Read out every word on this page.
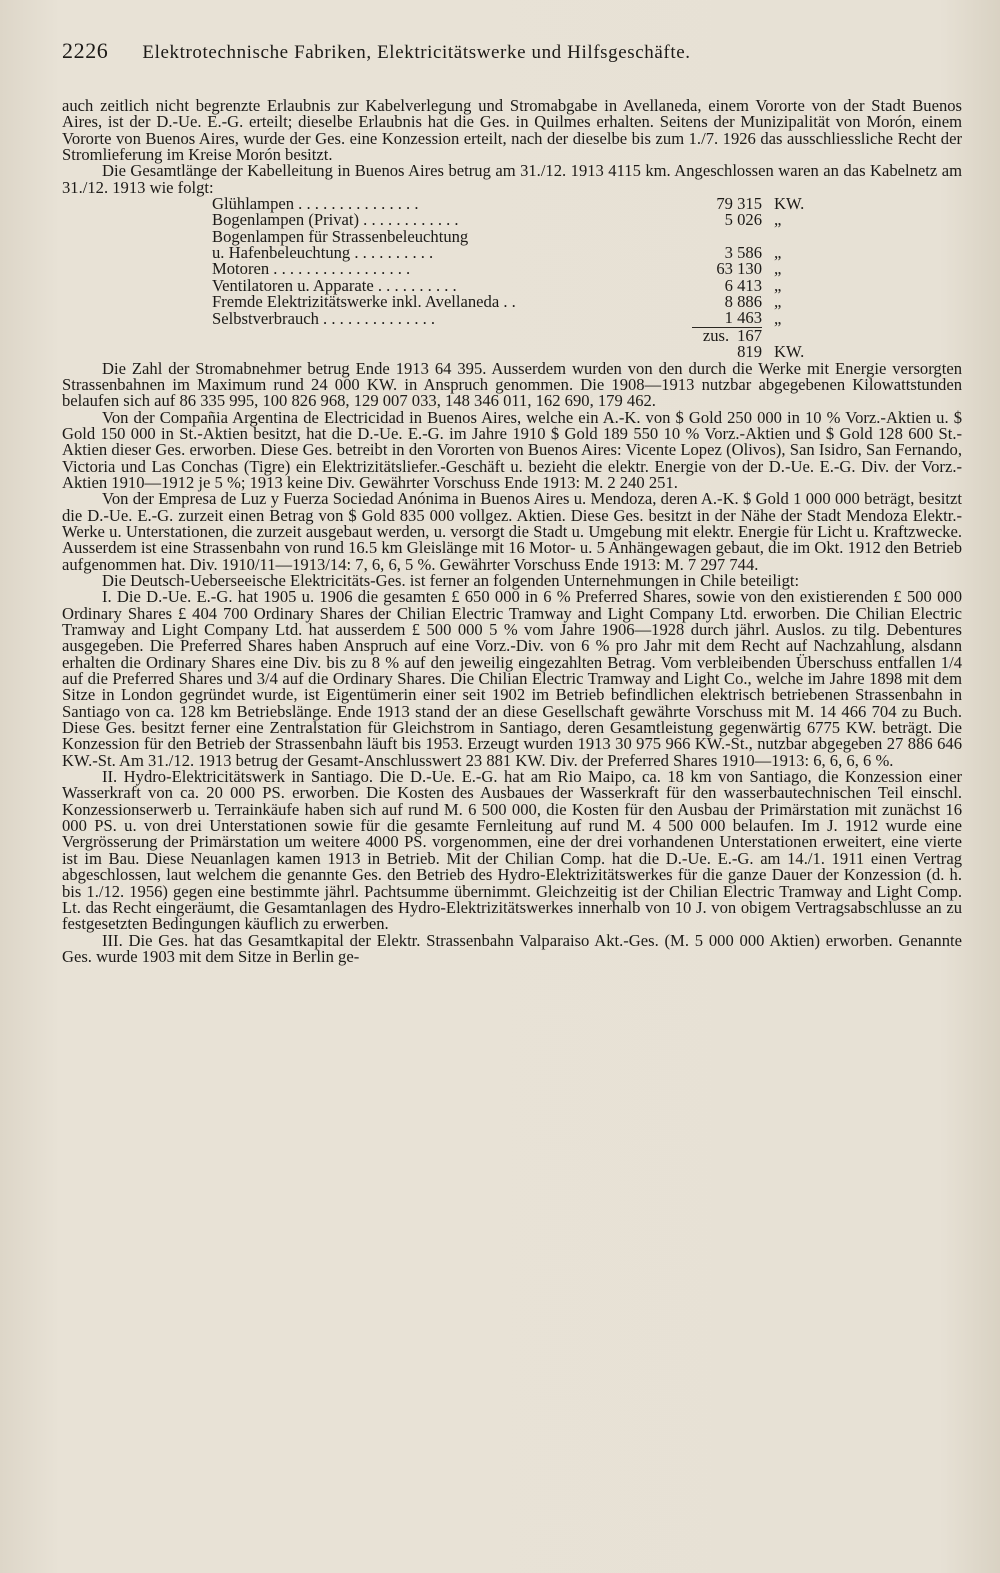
2226 Elektrotechnische Fabriken, Elektricitätswerke und Hilfsgeschäfte.

auch zeitlich nicht begrenzte Erlaubnis zur Kabelverlegung und Stromabgabe in Avellaneda, einem Vororte von der Stadt Buenos Aires, ist der D.-Ue. E.-G. erteilt; dieselbe Erlaubnis hat die Ges. in Quilmes erhalten. Seitens der Munizipalität von Morón, einem Vororte von Buenos Aires, wurde der Ges. eine Konzession erteilt, nach der dieselbe bis zum 1./7. 1926 das ausschliessliche Recht der Stromlieferung im Kreise Morón besitzt.

Die Gesamtlänge der Kabelleitung in Buenos Aires betrug am 31./12. 1913 4115 km. Angeschlossen waren an das Kabelnetz am 31./12. 1913 wie folgt:

Glühlampen . . . . . . . . . . . . . . .	79 315	KW.
Bogenlampen (Privat) . . . . . . . . . . . .	5 026	„
Bogenlampen für Strassenbeleuchtung		
u. Hafenbeleuchtung . . . . . . . . . .	3 586	„
Motoren . . . . . . . . . . . . . . . . .	63 130	„
Ventilatoren u. Apparate . . . . . . . . . .	6 413	„
Fremde Elektrizitätswerke inkl. Avellaneda . .	8 886	„
Selbstverbrauch . . . . . . . . . . . . . .	1 463	„
	zus. 167 819	KW.

Die Zahl der Stromabnehmer betrug Ende 1913 64 395. Ausserdem wurden von den durch die Werke mit Energie versorgten Strassenbahnen im Maximum rund 24 000 KW. in Anspruch genommen. Die 1908—1913 nutzbar abgegebenen Kilowattstunden belaufen sich auf 86 335 995, 100 826 968, 129 007 033, 148 346 011, 162 690, 179 462.

Von der Compañia Argentina de Electricidad in Buenos Aires, welche ein A.-K. von $ Gold 250 000 in 10 % Vorz.-Aktien u. $ Gold 150 000 in St.-Aktien besitzt, hat die D.-Ue. E.-G. im Jahre 1910 $ Gold 189 550 10 % Vorz.-Aktien und $ Gold 128 600 St.-Aktien dieser Ges. erworben. Diese Ges. betreibt in den Vororten von Buenos Aires: Vicente Lopez (Olivos), San Isidro, San Fernando, Victoria und Las Conchas (Tigre) ein Elektrizitätsliefer.-Geschäft u. bezieht die elektr. Energie von der D.-Ue. E.-G. Div. der Vorz.-Aktien 1910—1912 je 5 %; 1913 keine Div. Gewährter Vorschuss Ende 1913: M. 2 240 251.

Von der Empresa de Luz y Fuerza Sociedad Anónima in Buenos Aires u. Mendoza, deren A.-K. $ Gold 1 000 000 beträgt, besitzt die D.-Ue. E.-G. zurzeit einen Betrag von $ Gold 835 000 vollgez. Aktien. Diese Ges. besitzt in der Nähe der Stadt Mendoza Elektr.-Werke u. Unterstationen, die zurzeit ausgebaut werden, u. versorgt die Stadt u. Umgebung mit elektr. Energie für Licht u. Kraftzwecke. Ausserdem ist eine Strassenbahn von rund 16.5 km Gleislänge mit 16 Motor- u. 5 Anhängewagen gebaut, die im Okt. 1912 den Betrieb aufgenommen hat. Div. 1910/11—1913/14: 7, 6, 6, 5 %. Gewährter Vorschuss Ende 1913: M. 7 297 744.

Die Deutsch-Ueberseeische Elektricitäts-Ges. ist ferner an folgenden Unternehmungen in Chile beteiligt:

I. Die D.-Ue. E.-G. hat 1905 u. 1906 die gesamten £ 650 000 in 6 % Preferred Shares, sowie von den existierenden £ 500 000 Ordinary Shares £ 404 700 Ordinary Shares der Chilian Electric Tramway and Light Company Ltd. erworben. Die Chilian Electric Tramway and Light Company Ltd. hat ausserdem £ 500 000 5 % vom Jahre 1906—1928 durch jährl. Auslos. zu tilg. Debentures ausgegeben. Die Preferred Shares haben Anspruch auf eine Vorz.-Div. von 6 % pro Jahr mit dem Recht auf Nachzahlung, alsdann erhalten die Ordinary Shares eine Div. bis zu 8 % auf den jeweilig eingezahlten Betrag. Vom verbleibenden Überschuss entfallen 1/4 auf die Preferred Shares und 3/4 auf die Ordinary Shares. Die Chilian Electric Tramway and Light Co., welche im Jahre 1898 mit dem Sitze in London gegründet wurde, ist Eigentümerin einer seit 1902 im Betrieb befindlichen elektrisch betriebenen Strassenbahn in Santiago von ca. 128 km Betriebslänge. Ende 1913 stand der an diese Gesellschaft gewährte Vorschuss mit M. 14 466 704 zu Buch. Diese Ges. besitzt ferner eine Zentralstation für Gleichstrom in Santiago, deren Gesamtleistung gegenwärtig 6775 KW. beträgt. Die Konzession für den Betrieb der Strassenbahn läuft bis 1953. Erzeugt wurden 1913 30 975 966 KW.-St., nutzbar abgegeben 27 886 646 KW.-St. Am 31./12. 1913 betrug der Gesamt-Anschlusswert 23 881 KW. Div. der Preferred Shares 1910—1913: 6, 6, 6, 6 %.

II. Hydro-Elektricitätswerk in Santiago. Die D.-Ue. E.-G. hat am Rio Maipo, ca. 18 km von Santiago, die Konzession einer Wasserkraft von ca. 20 000 PS. erworben. Die Kosten des Ausbaues der Wasserkraft für den wasserbautechnischen Teil einschl. Konzessionserwerb u. Terrainkäufe haben sich auf rund M. 6 500 000, die Kosten für den Ausbau der Primärstation mit zunächst 16 000 PS. u. von drei Unterstationen sowie für die gesamte Fernleitung auf rund M. 4 500 000 belaufen. Im J. 1912 wurde eine Vergrösserung der Primärstation um weitere 4000 PS. vorgenommen, eine der drei vorhandenen Unterstationen erweitert, eine vierte ist im Bau. Diese Neuanlagen kamen 1913 in Betrieb. Mit der Chilian Comp. hat die D.-Ue. E.-G. am 14./1. 1911 einen Vertrag abgeschlossen, laut welchem die genannte Ges. den Betrieb des Hydro-Elektrizitätswerkes für die ganze Dauer der Konzession (d. h. bis 1./12. 1956) gegen eine bestimmte jährl. Pachtsumme übernimmt. Gleichzeitig ist der Chilian Electric Tramway and Light Comp. Lt. das Recht eingeräumt, die Gesamtanlagen des Hydro-Elektrizitätswerkes innerhalb von 10 J. von obigem Vertragsabschlusse an zu festgesetzten Bedingungen käuflich zu erwerben.

III. Die Ges. hat das Gesamtkapital der Elektr. Strassenbahn Valparaiso Akt.-Ges. (M. 5 000 000 Aktien) erworben. Genannte Ges. wurde 1903 mit dem Sitze in Berlin ge-
